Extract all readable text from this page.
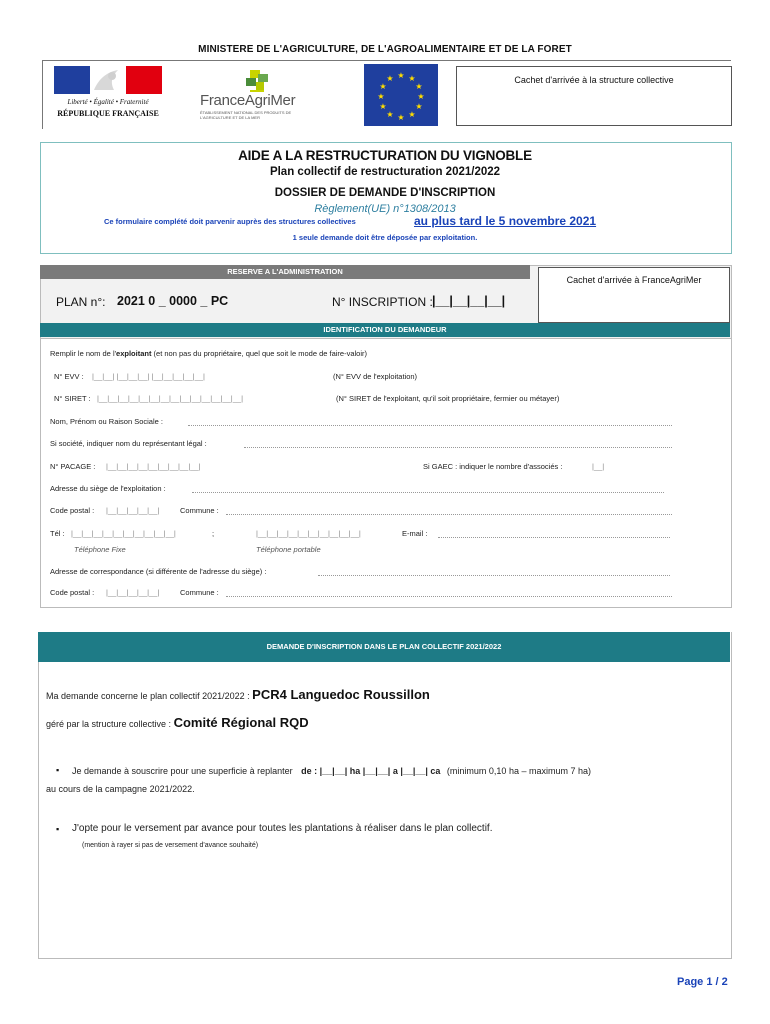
MINISTERE DE L'AGRICULTURE, DE L'AGROALIMENTAIRE ET DE LA FORET
Liberté • Égalité • Fraternité
RÉPUBLIQUE FRANÇAISE
FranceAgriMer
ÉTABLISSEMENT NATIONAL DES PRODUITS DE L'AGRICULTURE ET DE LA MER
★ ★
★
★
★
★
★
★
★
★
★
★	Cachet d'arrivée à la structure collective
AIDE A LA RESTRUCTURATION DU VIGNOBLE
Plan collectif de restructuration 2021/2022
DOSSIER DE DEMANDE D'INSCRIPTION
Règlement(UE) n°1308/2013
Ce formulaire complété doit parvenir auprès des structures collectives	au plus tard le 5 novembre 2021
1 seule demande doit être déposée par exploitation.
RESERVE A L'ADMINISTRATION
Cachet d'arrivée à FranceAgriMer
PLAN n°: 2021 0 _ 0000 _ PC	N° INSCRIPTION : |__|__|__|__|
IDENTIFICATION DU DEMANDEUR
Remplir le nom de l'exploitant (et non pas du propriétaire, quel que soit le mode de faire-valoir)
N° EVV : |__|__| |__|__|__| |__|__|__|__|__|	(N° EVV de l'exploitation)
N° SIRET : |__|__|__|__|__|__|__|__|__|__|__|__|__|__|	(N° SIRET de l'exploitant, qu'il soit propriétaire, fermier ou métayer)
Nom, Prénom ou Raison Sociale :
Si société, indiquer nom du représentant légal :
N° PACAGE : |__|__|__|__|__|__|__|__|__|	Si GAEC : indiquer le nombre d'associés :	|__|
Adresse du siège de l'exploitation :
Code postal : |__|__|__|__|__|	Commune :
Tél : |__|__|__|__|__|__|__|__|__|__|	;	|__|__|__|__|__|__|__|__|__|__|	E-mail :
Téléphone Fixe	Téléphone portable
Adresse de correspondance (si différente de l'adresse du siège) :
Code postal : |__|__|__|__|__|	Commune :
DEMANDE D'INSCRIPTION DANS LE PLAN COLLECTIF 2021/2022
Ma demande concerne le plan collectif 2021/2022 : PCR4 Languedoc Roussillon
géré par la structure collective : Comité Régional RQD
▪ Je demande à souscrire pour une superficie à replanter de : |__|__| ha |__|__| a |__|__| ca (minimum 0,10 ha – maximum 7 ha)
au cours de la campagne 2021/2022.
▪ J'opte pour le versement par avance pour toutes les plantations à réaliser dans le plan collectif.
(mention à rayer si pas de versement d'avance souhaité)
Page 1 / 2
